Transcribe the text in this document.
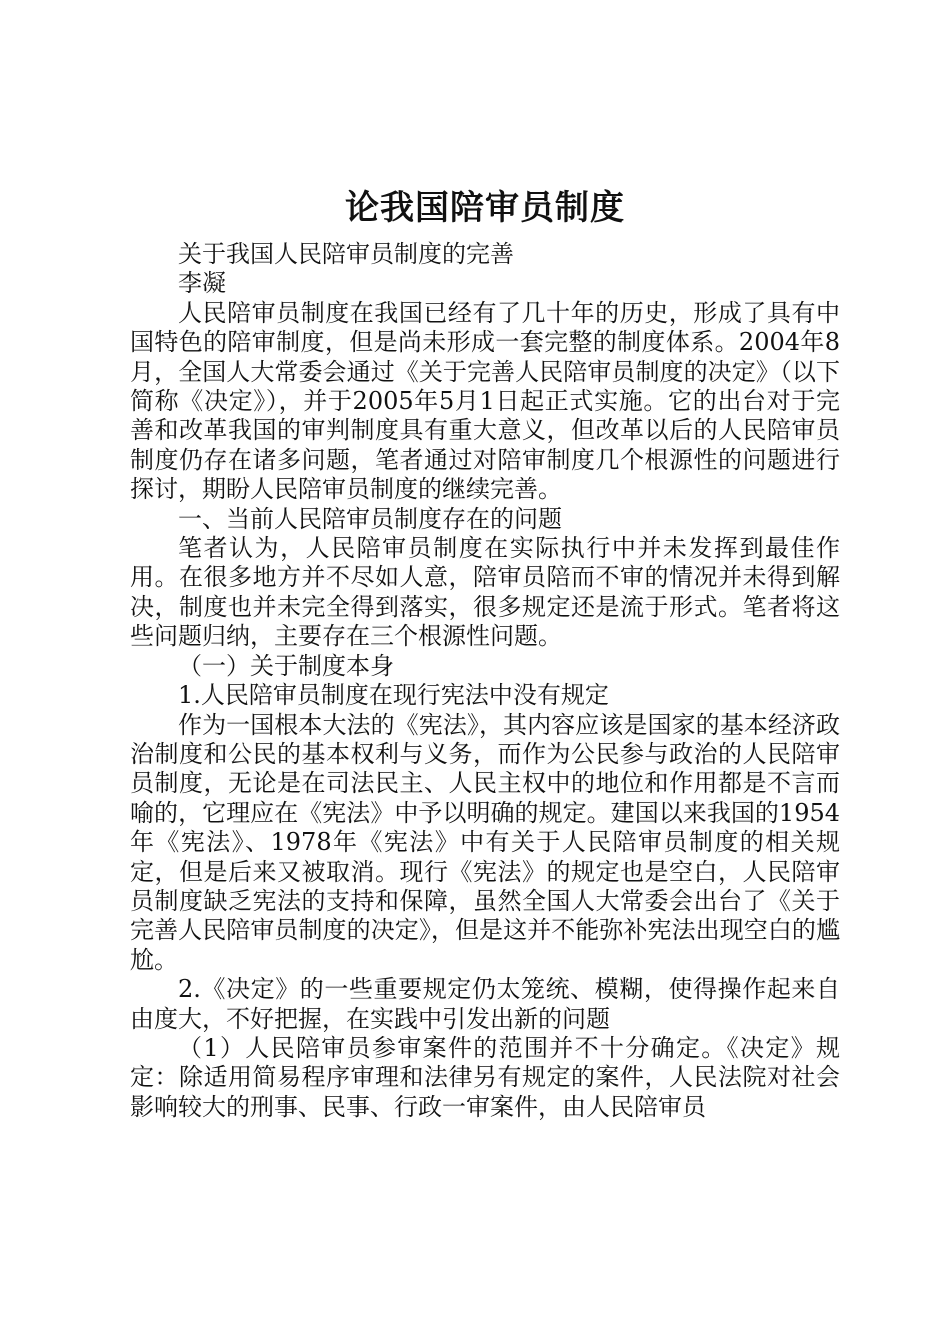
论我国陪审员制度

关于我国人民陪审员制度的完善

李凝

人民陪审员制度在我国已经有了几十年的历史，形成了具有中国特色的陪审制度，但是尚未形成一套完整的制度体系。2004年8月，全国人大常委会通过《关于完善人民陪审员制度的决定》（以下简称《决定》），并于2005年5月1日起正式实施。它的出台对于完善和改革我国的审判制度具有重大意义，但改革以后的人民陪审员制度仍存在诸多问题，笔者通过对陪审制度几个根源性的问题进行探讨，期盼人民陪审员制度的继续完善。

一、当前人民陪审员制度存在的问题

笔者认为，人民陪审员制度在实际执行中并未发挥到最佳作用。在很多地方并不尽如人意，陪审员陪而不审的情况并未得到解决，制度也并未完全得到落实，很多规定还是流于形式。笔者将这些问题归纳，主要存在三个根源性问题。

（一）关于制度本身

1.人民陪审员制度在现行宪法中没有规定

作为一国根本大法的《宪法》，其内容应该是国家的基本经济政治制度和公民的基本权利与义务，而作为公民参与政治的人民陪审员制度，无论是在司法民主、人民主权中的地位和作用都是不言而喻的，它理应在《宪法》中予以明确的规定。建国以来我国的1954年《宪法》、1978年《宪法》中有关于人民陪审员制度的相关规定，但是后来又被取消。现行《宪法》的规定也是空白，人民陪审员制度缺乏宪法的支持和保障，虽然全国人大常委会出台了《关于完善人民陪审员制度的决定》，但是这并不能弥补宪法出现空白的尴尬。

2.《决定》的一些重要规定仍太笼统、模糊，使得操作起来自由度大，不好把握，在实践中引发出新的问题

（1）人民陪审员参审案件的范围并不十分确定。《决定》规定：除适用简易程序审理和法律另有规定的案件，人民法院对社会影响较大的刑事、民事、行政一审案件，由人民陪审员
